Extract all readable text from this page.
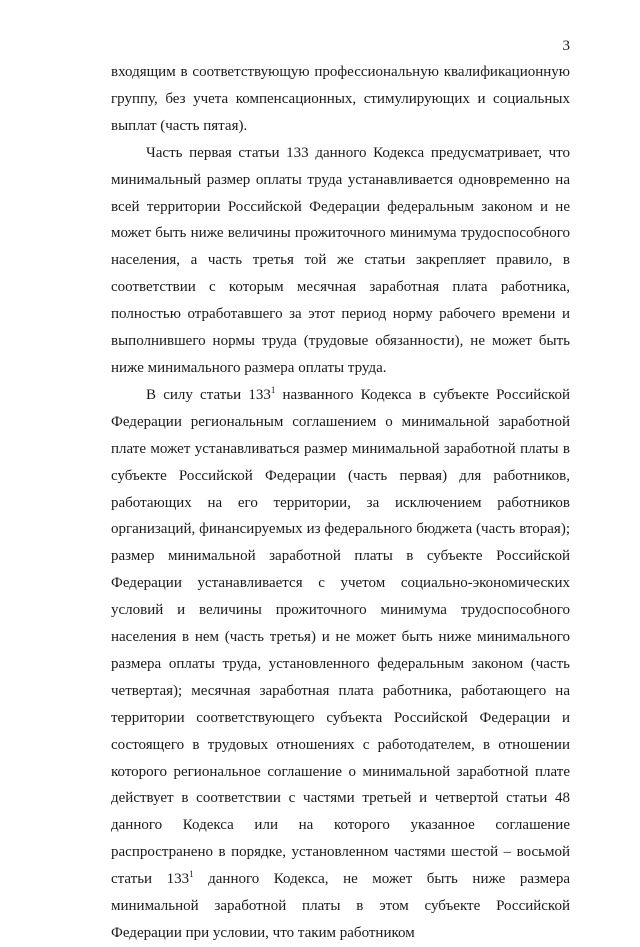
3

входящим в соответствующую профессиональную квалификационную группу, без учета компенсационных, стимулирующих и социальных выплат (часть пятая).

Часть первая статьи 133 данного Кодекса предусматривает, что минимальный размер оплаты труда устанавливается одновременно на всей территории Российской Федерации федеральным законом и не может быть ниже величины прожиточного минимума трудоспособного населения, а часть третья той же статьи закрепляет правило, в соответствии с которым месячная заработная плата работника, полностью отработавшего за этот период норму рабочего времени и выполнившего нормы труда (трудовые обязанности), не может быть ниже минимального размера оплаты труда.

В силу статьи $133^1$ названного Кодекса в субъекте Российской Федерации региональным соглашением о минимальной заработной плате может устанавливаться размер минимальной заработной платы в субъекте Российской Федерации (часть первая) для работников, работающих на его территории, за исключением работников организаций, финансируемых из федерального бюджета (часть вторая); размер минимальной заработной платы в субъекте Российской Федерации устанавливается с учетом социально-экономических условий и величины прожиточного минимума трудоспособного населения в нем (часть третья) и не может быть ниже минимального размера оплаты труда, установленного федеральным законом (часть четвертая); месячная заработная плата работника, работающего на территории соответствующего субъекта Российской Федерации и состоящего в трудовых отношениях с работодателем, в отношении которого региональное соглашение о минимальной заработной плате действует в соответствии с частями третьей и четвертой статьи 48 данного Кодекса или на которого указанное соглашение распространено в порядке, установленном частями шестой – восьмой статьи $133^1$ данного Кодекса, не может быть ниже размера минимальной заработной платы в этом субъекте Российской Федерации при условии, что таким работником
